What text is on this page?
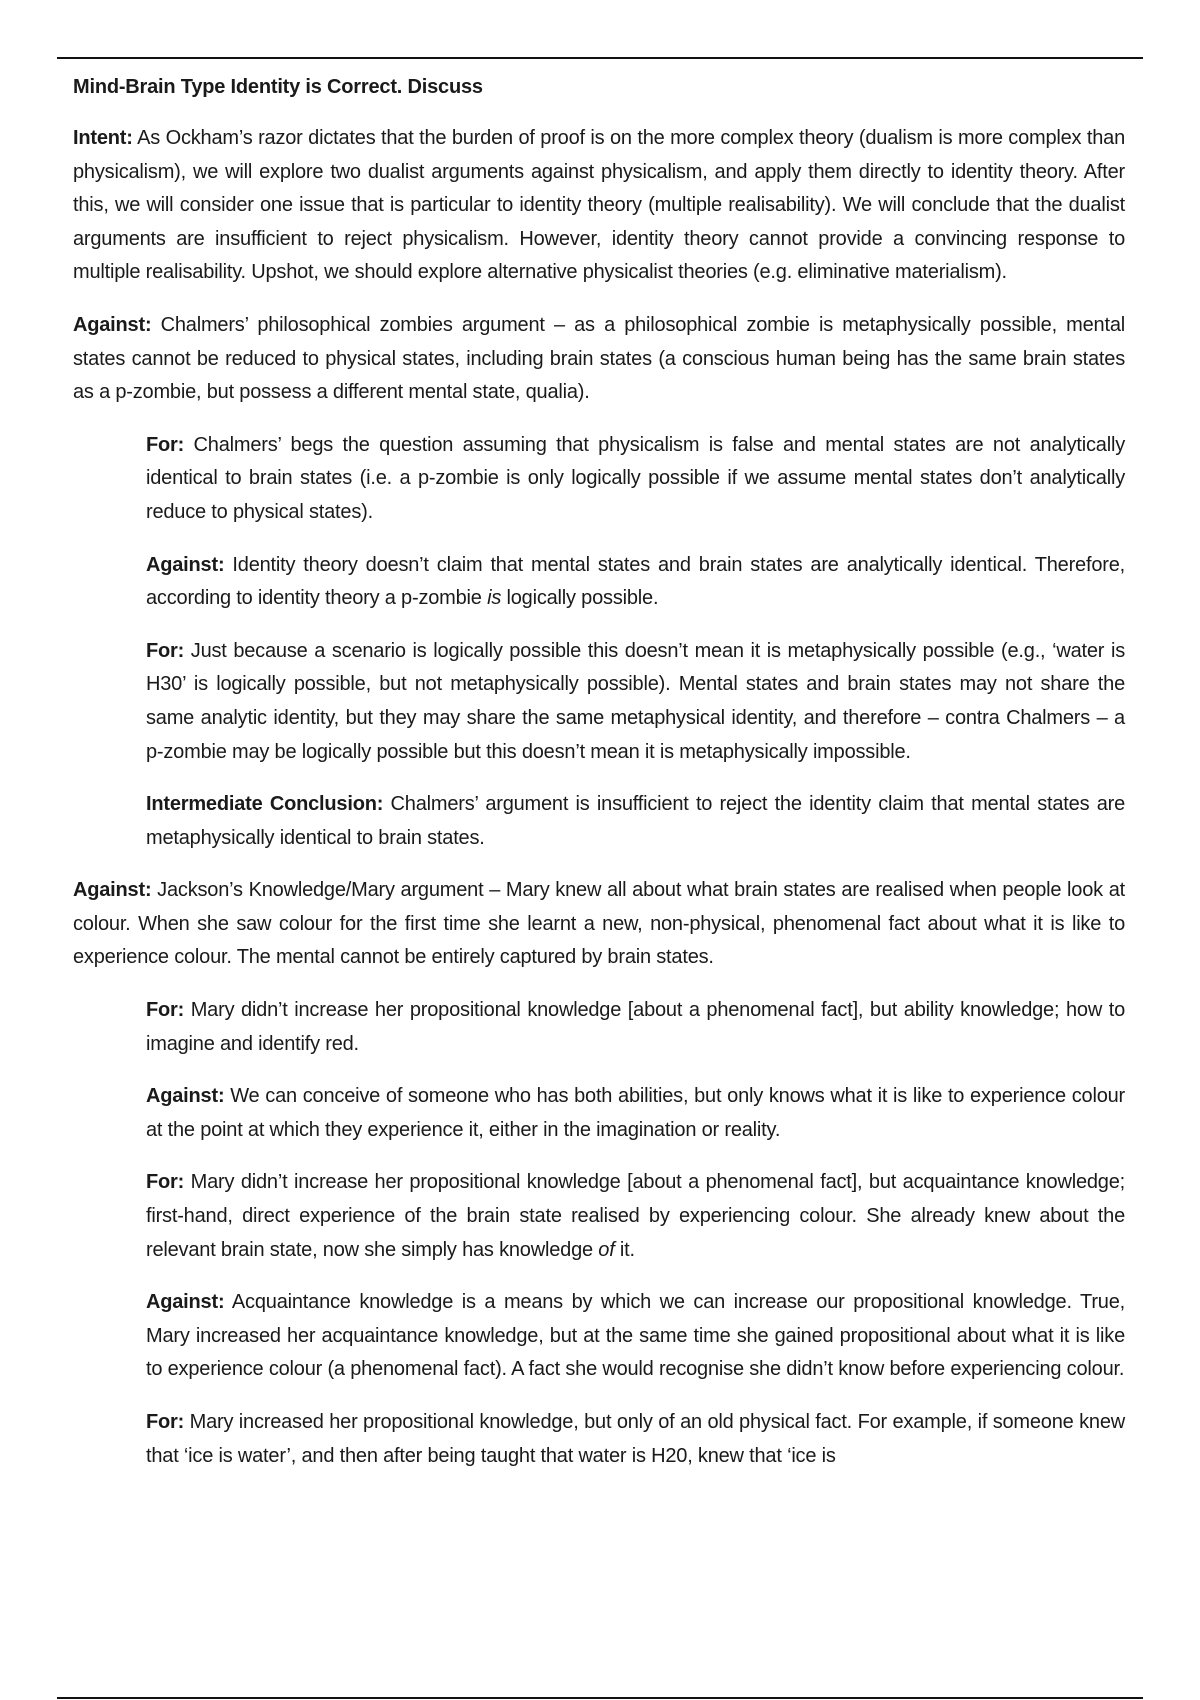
Mind-Brain Type Identity is Correct. Discuss

Intent: As Ockham’s razor dictates that the burden of proof is on the more complex theory (dualism is more complex than physicalism), we will explore two dualist arguments against physicalism, and apply them directly to identity theory. After this, we will consider one issue that is particular to identity theory (multiple realisability). We will conclude that the dualist arguments are insufficient to reject physicalism. However, identity theory cannot provide a convincing response to multiple realisability. Upshot, we should explore alternative physicalist theories (e.g. eliminative materialism).

Against: Chalmers’ philosophical zombies argument – as a philosophical zombie is metaphysically possible, mental states cannot be reduced to physical states, including brain states (a conscious human being has the same brain states as a p-zombie, but possess a different mental state, qualia).

For: Chalmers’ begs the question assuming that physicalism is false and mental states are not analytically identical to brain states (i.e. a p-zombie is only logically possible if we assume mental states don’t analytically reduce to physical states).

Against: Identity theory doesn’t claim that mental states and brain states are analytically identical. Therefore, according to identity theory a p-zombie is logically possible.

For: Just because a scenario is logically possible this doesn’t mean it is metaphysically possible (e.g., ‘water is H30’ is logically possible, but not metaphysically possible). Mental states and brain states may not share the same analytic identity, but they may share the same metaphysical identity, and therefore – contra Chalmers – a p-zombie may be logically possible but this doesn’t mean it is metaphysically impossible.

Intermediate Conclusion: Chalmers’ argument is insufficient to reject the identity claim that mental states are metaphysically identical to brain states.

Against: Jackson’s Knowledge/Mary argument – Mary knew all about what brain states are realised when people look at colour. When she saw colour for the first time she learnt a new, non-physical, phenomenal fact about what it is like to experience colour. The mental cannot be entirely captured by brain states.

For: Mary didn’t increase her propositional knowledge [about a phenomenal fact], but ability knowledge; how to imagine and identify red.

Against: We can conceive of someone who has both abilities, but only knows what it is like to experience colour at the point at which they experience it, either in the imagination or reality.

For: Mary didn’t increase her propositional knowledge [about a phenomenal fact], but acquaintance knowledge; first-hand, direct experience of the brain state realised by experiencing colour. She already knew about the relevant brain state, now she simply has knowledge of it.

Against: Acquaintance knowledge is a means by which we can increase our propositional knowledge. True, Mary increased her acquaintance knowledge, but at the same time she gained propositional about what it is like to experience colour (a phenomenal fact). A fact she would recognise she didn’t know before experiencing colour.

For: Mary increased her propositional knowledge, but only of an old physical fact. For example, if someone knew that ‘ice is water’, and then after being taught that water is H20, knew that ‘ice is
